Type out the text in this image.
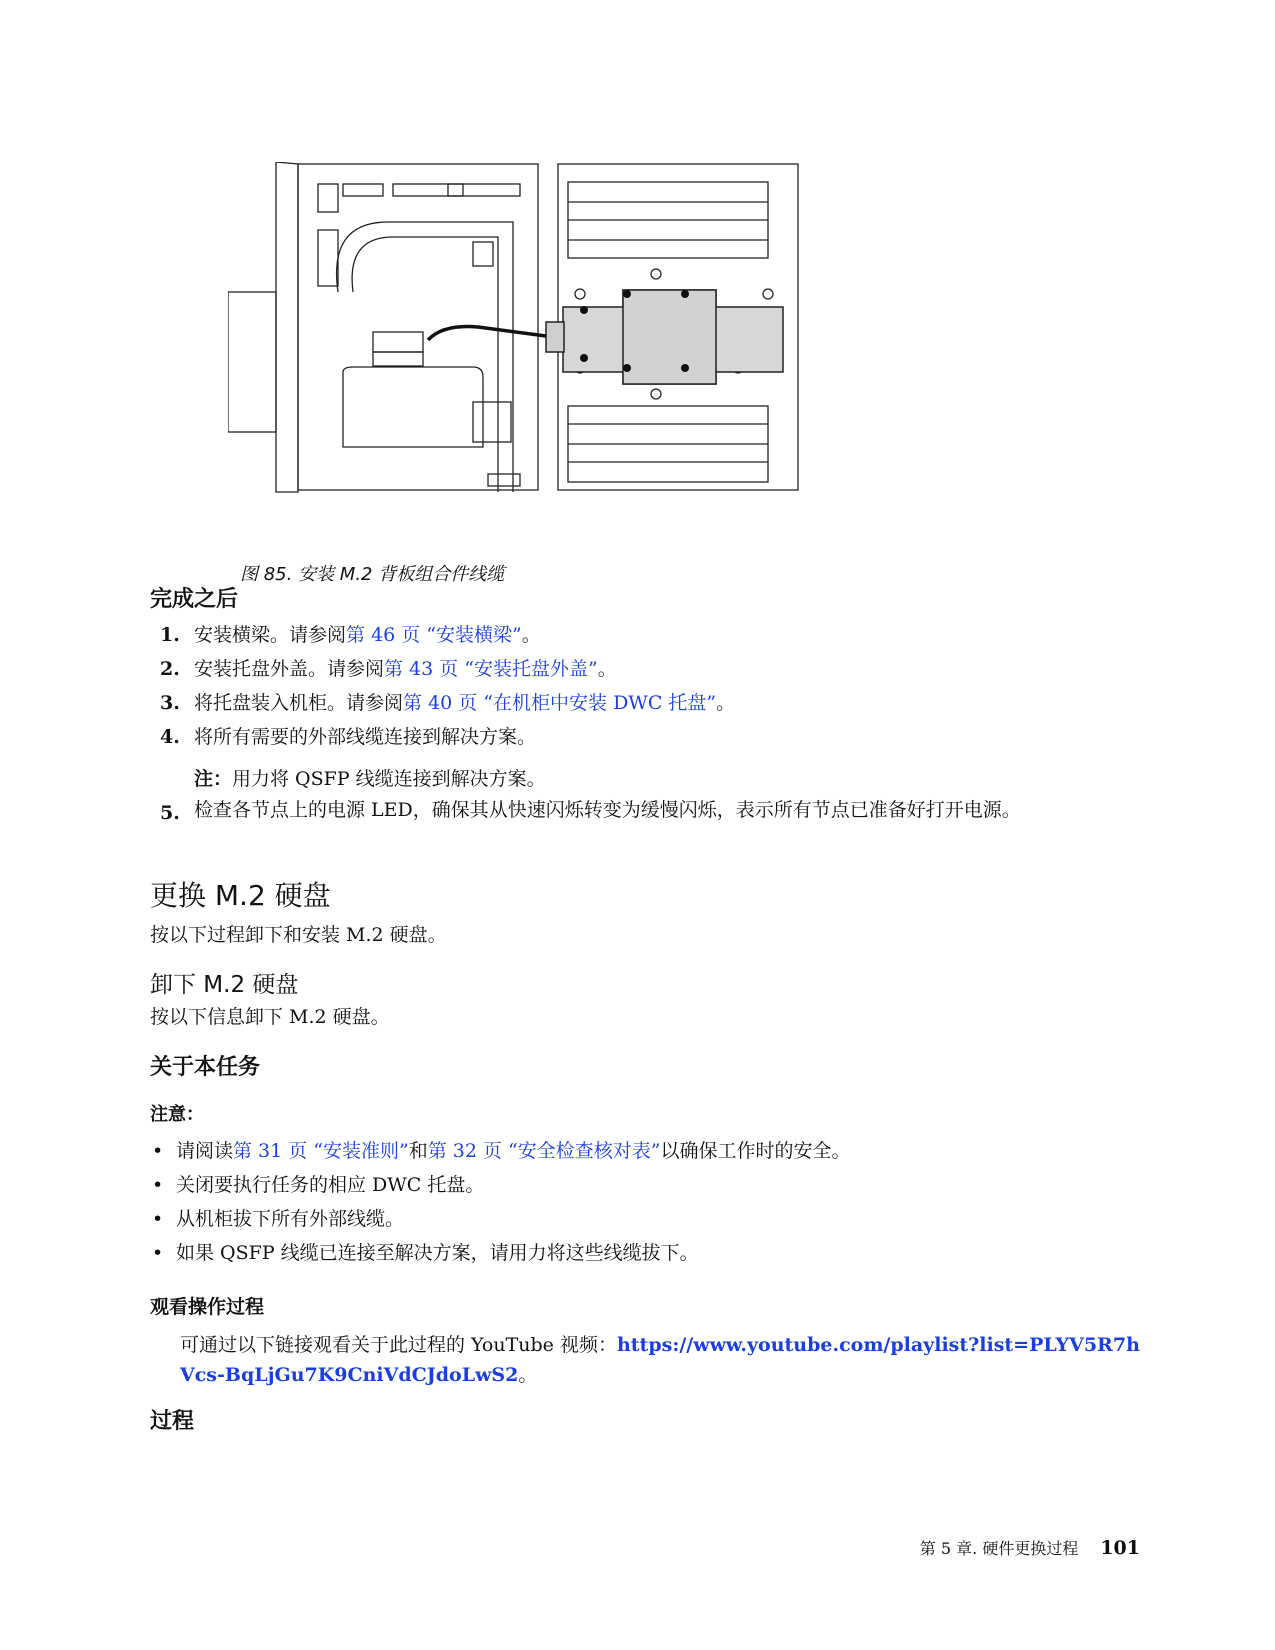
图 85. 安装 M.2 背板组合件线缆
完成之后
1. 安装横梁。请参阅第 46 页 “安装横梁”。
2. 安装托盘外盖。请参阅第 43 页 “安装托盘外盖”。
3. 将托盘装入机柜。请参阅第 40 页 “在机柜中安装 DWC 托盘”。
4. 将所有需要的外部线缆连接到解决方案。
注：用力将 QSFP 线缆连接到解决方案。
5. 检查各节点上的电源 LED，确保其从快速闪烁转变为缓慢闪烁，表示所有节点已准备好打开电源。
更换 M.2 硬盘
按以下过程卸下和安装 M.2 硬盘。
卸下 M.2 硬盘
按以下信息卸下 M.2 硬盘。
关于本任务
注意：
• 请阅读第 31 页 “安装准则”和第 32 页 “安全检查核对表”以确保工作时的安全。
• 关闭要执行任务的相应 DWC 托盘。
• 从机柜拔下所有外部线缆。
• 如果 QSFP 线缆已连接至解决方案，请用力将这些线缆拔下。
观看操作过程
可通过以下链接观看关于此过程的 YouTube 视频：https://www.youtube.com/playlist?list=PLYV5R7hVcs-BqLjGu7K9CniVdCJdoLwS2。
过程
第 5 章. 硬件更换过程 101
